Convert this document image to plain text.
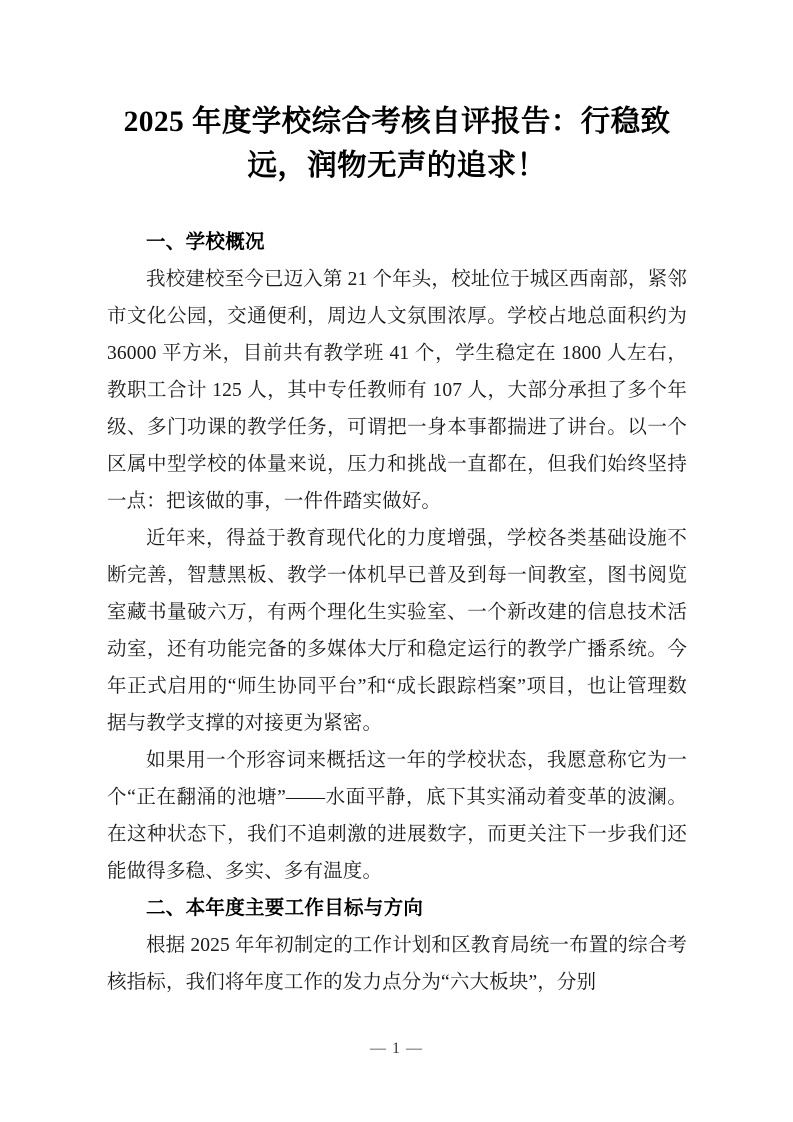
2025 年度学校综合考核自评报告：行稳致
远，润物无声的追求！
一、学校概况

我校建校至今已迈入第 21 个年头，校址位于城区西南部，紧邻市文化公园，交通便利，周边人文氛围浓厚。学校占地总面积约为 36000 平方米，目前共有教学班 41 个，学生稳定在 1800 人左右，教职工合计 125 人，其中专任教师有 107 人，大部分承担了多个年级、多门功课的教学任务，可谓把一身本事都揣进了讲台。以一个区属中型学校的体量来说，压力和挑战一直都在，但我们始终坚持一点：把该做的事，一件件踏实做好。

近年来，得益于教育现代化的力度增强，学校各类基础设施不断完善，智慧黑板、教学一体机早已普及到每一间教室，图书阅览室藏书量破六万，有两个理化生实验室、一个新改建的信息技术活动室，还有功能完备的多媒体大厅和稳定运行的教学广播系统。今年正式启用的“师生协同平台”和“成长跟踪档案”项目，也让管理数据与教学支撑的对接更为紧密。

如果用一个形容词来概括这一年的学校状态，我愿意称它为一个“正在翻涌的池塘”——水面平静，底下其实涌动着变革的波澜。在这种状态下，我们不追刺激的进展数字，而更关注下一步我们还能做得多稳、多实、多有温度。

二、本年度主要工作目标与方向

根据 2025 年年初制定的工作计划和区教育局统一布置的综合考核指标，我们将年度工作的发力点分为“六大板块”，分别

— 1 —
